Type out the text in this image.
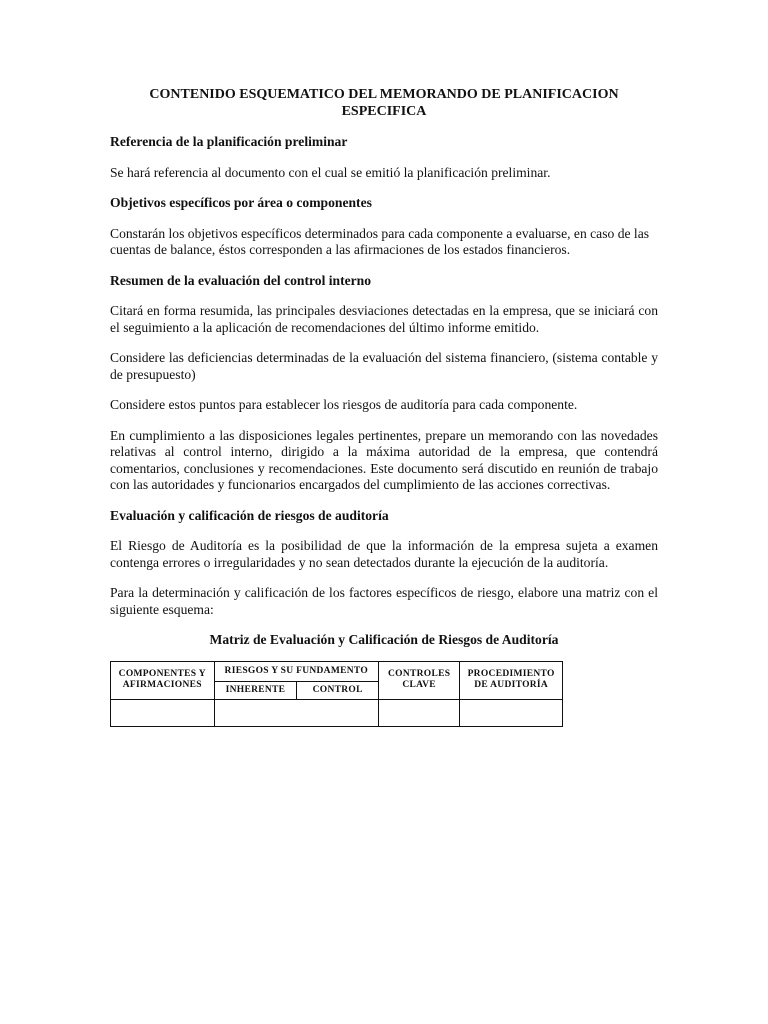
CONTENIDO ESQUEMATICO DEL MEMORANDO DE PLANIFICACION ESPECIFICA
Referencia de la planificación preliminar
Se hará referencia al documento con el cual se emitió la planificación preliminar.
Objetivos específicos por área o componentes
Constarán los objetivos específicos determinados para cada componente a evaluarse, en caso de las cuentas de balance, éstos corresponden a las afirmaciones de los estados financieros.
Resumen de la evaluación del control interno
Citará en forma resumida, las principales desviaciones detectadas en la empresa, que se iniciará con el seguimiento a la aplicación de recomendaciones del último informe emitido.
Considere las deficiencias determinadas de la evaluación del sistema financiero, (sistema contable y de presupuesto)
Considere estos puntos para establecer los riesgos de auditoría para cada componente.
En cumplimiento a las disposiciones legales pertinentes, prepare un memorando con las novedades relativas al control interno, dirigido a la máxima autoridad de la empresa, que contendrá comentarios, conclusiones y recomendaciones. Este documento será discutido en reunión de trabajo con las autoridades y funcionarios encargados del cumplimiento de las acciones correctivas.
Evaluación y calificación de riesgos de auditoría
El Riesgo de Auditoría es la posibilidad de que la información de la empresa sujeta a examen contenga errores o irregularidades y no sean detectados durante la ejecución de la auditoría.
Para la determinación y calificación de los factores específicos de riesgo, elabore una matriz con el siguiente esquema:
Matriz de Evaluación y Calificación de Riesgos de Auditoría
COMPONENTES Y AFIRMACIONES	RIESGOS Y SU FUNDAMENTO		CONTROLES CLAVE	PROCEDIMIENTO DE AUDITORÍA
	INHERENTE	CONTROL		
